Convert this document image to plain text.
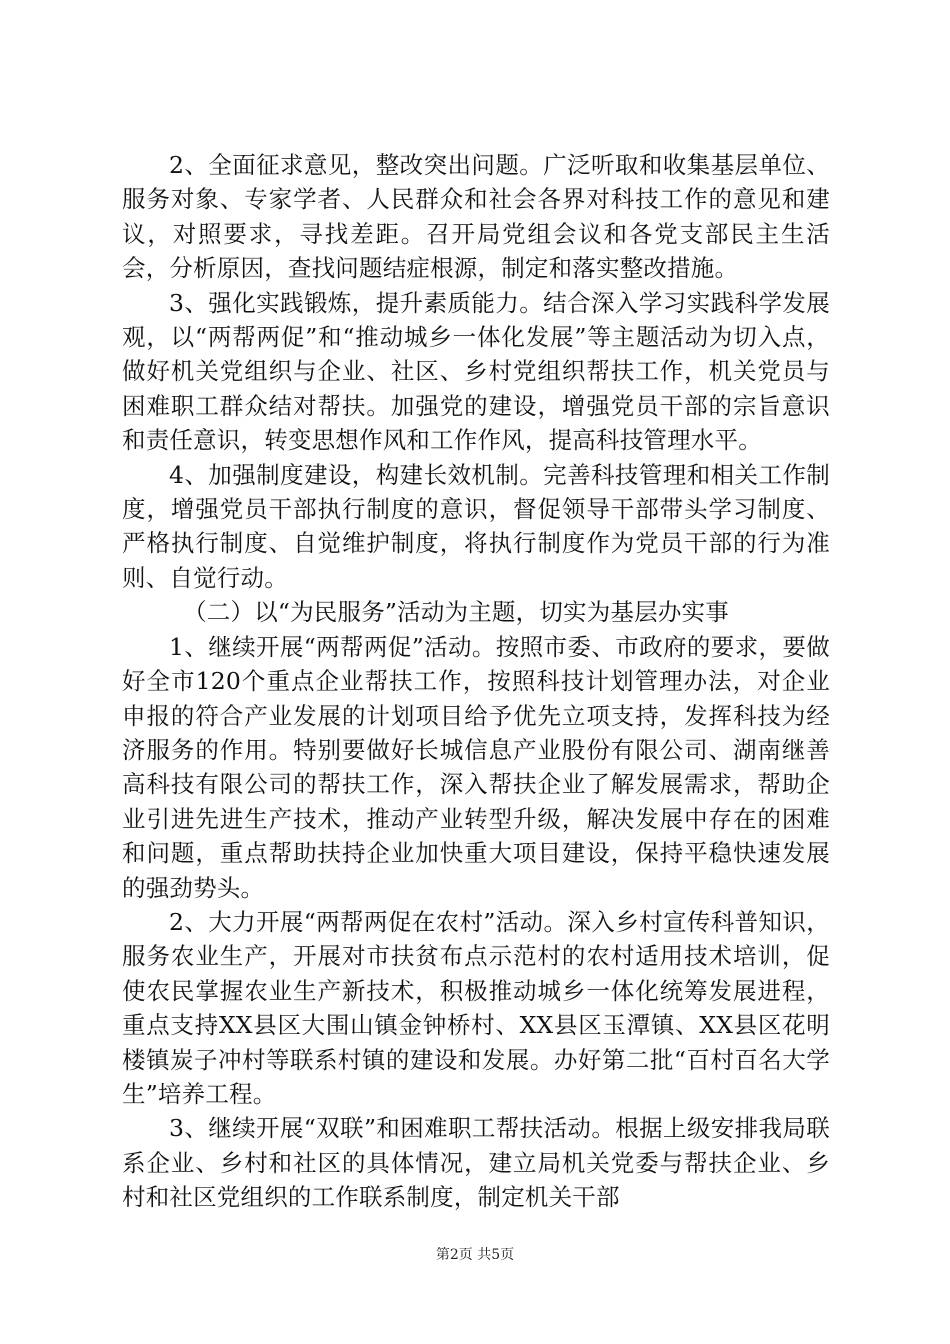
2、全面征求意见，整改突出问题。广泛听取和收集基层单位、服务对象、专家学者、人民群众和社会各界对科技工作的意见和建议，对照要求，寻找差距。召开局党组会议和各党支部民主生活会，分析原因，查找问题结症根源，制定和落实整改措施。

3、强化实践锻炼，提升素质能力。结合深入学习实践科学发展观，以“两帮两促”和“推动城乡一体化发展”等主题活动为切入点，做好机关党组织与企业、社区、乡村党组织帮扶工作，机关党员与困难职工群众结对帮扶。加强党的建设，增强党员干部的宗旨意识和责任意识，转变思想作风和工作作风，提高科技管理水平。

4、加强制度建设，构建长效机制。完善科技管理和相关工作制度，增强党员干部执行制度的意识，督促领导干部带头学习制度、严格执行制度、自觉维护制度，将执行制度作为党员干部的行为准则、自觉行动。

（二）以“为民服务”活动为主题，切实为基层办实事

1、继续开展“两帮两促”活动。按照市委、市政府的要求，要做好全市120个重点企业帮扶工作，按照科技计划管理办法，对企业申报的符合产业发展的计划项目给予优先立项支持，发挥科技为经济服务的作用。特别要做好长城信息产业股份有限公司、湖南继善高科技有限公司的帮扶工作，深入帮扶企业了解发展需求，帮助企业引进先进生产技术，推动产业转型升级，解决发展中存在的困难和问题，重点帮助扶持企业加快重大项目建设，保持平稳快速发展的强劲势头。

2、大力开展“两帮两促在农村”活动。深入乡村宣传科普知识，服务农业生产，开展对市扶贫布点示范村的农村适用技术培训，促使农民掌握农业生产新技术，积极推动城乡一体化统筹发展进程，重点支持XX县区大围山镇金钟桥村、XX县区玉潭镇、XX县区花明楼镇炭子冲村等联系村镇的建设和发展。办好第二批“百村百名大学生”培养工程。

3、继续开展“双联”和困难职工帮扶活动。根据上级安排我局联系企业、乡村和社区的具体情况，建立局机关党委与帮扶企业、乡村和社区党组织的工作联系制度，制定机关干部

第2页 共5页
